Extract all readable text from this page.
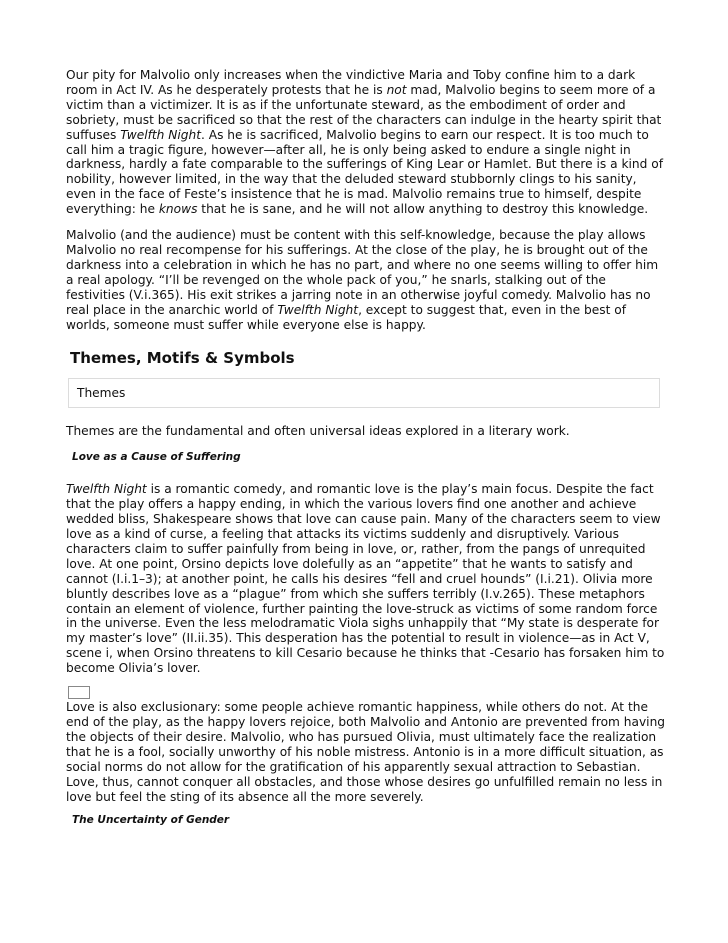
Our pity for Malvolio only increases when the vindictive Maria and Toby confine him to a dark room in Act IV. As he desperately protests that he is not mad, Malvolio begins to seem more of a victim than a victimizer. It is as if the unfortunate steward, as the embodiment of order and sobriety, must be sacrificed so that the rest of the characters can indulge in the hearty spirit that suffuses Twelfth Night. As he is sacrificed, Malvolio begins to earn our respect. It is too much to call him a tragic figure, however—after all, he is only being asked to endure a single night in darkness, hardly a fate comparable to the sufferings of King Lear or Hamlet. But there is a kind of nobility, however limited, in the way that the deluded steward stubbornly clings to his sanity, even in the face of Feste’s insistence that he is mad. Malvolio remains true to himself, despite everything: he knows that he is sane, and he will not allow anything to destroy this knowledge.

Malvolio (and the audience) must be content with this self-knowledge, because the play allows Malvolio no real recompense for his sufferings. At the close of the play, he is brought out of the darkness into a celebration in which he has no part, and where no one seems willing to offer him a real apology. “I’ll be revenged on the whole pack of you,” he snarls, stalking out of the festivities (V.i.365). His exit strikes a jarring note in an otherwise joyful comedy. Malvolio has no real place in the anarchic world of Twelfth Night, except to suggest that, even in the best of worlds, someone must suffer while everyone else is happy.

Themes, Motifs & Symbols
Themes

Themes are the fundamental and often universal ideas explored in a literary work.

Love as a Cause of Suffering

Twelfth Night is a romantic comedy, and romantic love is the play’s main focus. Despite the fact that the play offers a happy ending, in which the various lovers find one another and achieve wedded bliss, Shakespeare shows that love can cause pain. Many of the characters seem to view love as a kind of curse, a feeling that attacks its victims suddenly and disruptively. Various characters claim to suffer painfully from being in love, or, rather, from the pangs of unrequited love. At one point, Orsino depicts love dolefully as an “appetite” that he wants to satisfy and cannot (I.i.1–3); at another point, he calls his desires “fell and cruel hounds” (I.i.21). Olivia more bluntly describes love as a “plague” from which she suffers terribly (I.v.265). These metaphors contain an element of violence, further painting the love-struck as victims of some random force in the universe. Even the less melodramatic Viola sighs unhappily that “My state is desperate for my master’s love” (II.ii.35). This desperation has the potential to result in violence—as in Act V, scene i, when Orsino threatens to kill Cesario because he thinks that -Cesario has forsaken him to become Olivia’s lover.

Love is also exclusionary: some people achieve romantic happiness, while others do not. At the end of the play, as the happy lovers rejoice, both Malvolio and Antonio are prevented from having the objects of their desire. Malvolio, who has pursued Olivia, must ultimately face the realization that he is a fool, socially unworthy of his noble mistress. Antonio is in a more difficult situation, as social norms do not allow for the gratification of his apparently sexual attraction to Sebastian. Love, thus, cannot conquer all obstacles, and those whose desires go unfulfilled remain no less in love but feel the sting of its absence all the more severely.

The Uncertainty of Gender
